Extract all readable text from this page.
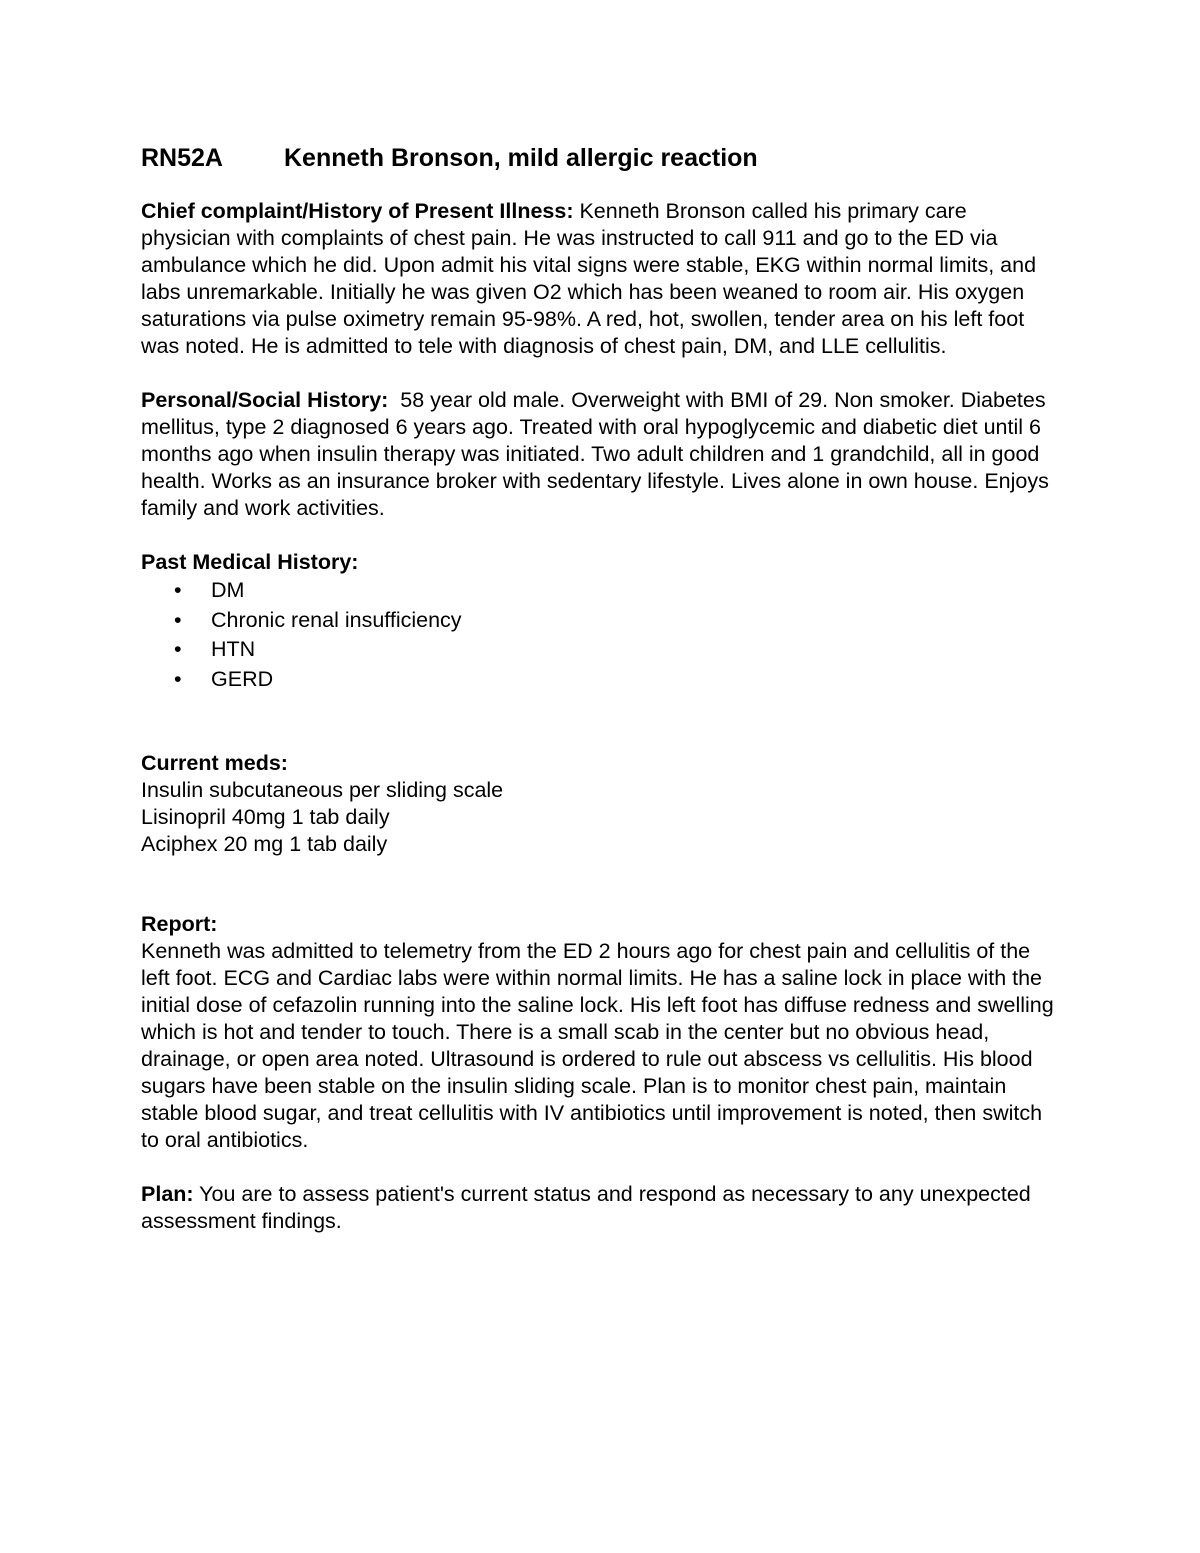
RN52A Kenneth Bronson, mild allergic reaction

Chief complaint/History of Present Illness: Kenneth Bronson called his primary care physician with complaints of chest pain. He was instructed to call 911 and go to the ED via ambulance which he did. Upon admit his vital signs were stable, EKG within normal limits, and labs unremarkable. Initially he was given O2 which has been weaned to room air. His oxygen saturations via pulse oximetry remain 95-98%. A red, hot, swollen, tender area on his left foot was noted. He is admitted to tele with diagnosis of chest pain, DM, and LLE cellulitis.

Personal/Social History: 58 year old male. Overweight with BMI of 29. Non smoker. Diabetes mellitus, type 2 diagnosed 6 years ago. Treated with oral hypoglycemic and diabetic diet until 6 months ago when insulin therapy was initiated. Two adult children and 1 grandchild, all in good health. Works as an insurance broker with sedentary lifestyle. Lives alone in own house. Enjoys family and work activities.

Past Medical History:

• DM
• Chronic renal insufficiency
• HTN
• GERD

Current meds:

Insulin subcutaneous per sliding scale

Lisinopril 40mg 1 tab daily

Aciphex 20 mg 1 tab daily

Report:

Kenneth was admitted to telemetry from the ED 2 hours ago for chest pain and cellulitis of the left foot. ECG and Cardiac labs were within normal limits. He has a saline lock in place with the initial dose of cefazolin running into the saline lock. His left foot has diffuse redness and swelling which is hot and tender to touch. There is a small scab in the center but no obvious head, drainage, or open area noted. Ultrasound is ordered to rule out abscess vs cellulitis. His blood sugars have been stable on the insulin sliding scale. Plan is to monitor chest pain, maintain stable blood sugar, and treat cellulitis with IV antibiotics until improvement is noted, then switch to oral antibiotics.

Plan: You are to assess patient's current status and respond as necessary to any unexpected assessment findings.
